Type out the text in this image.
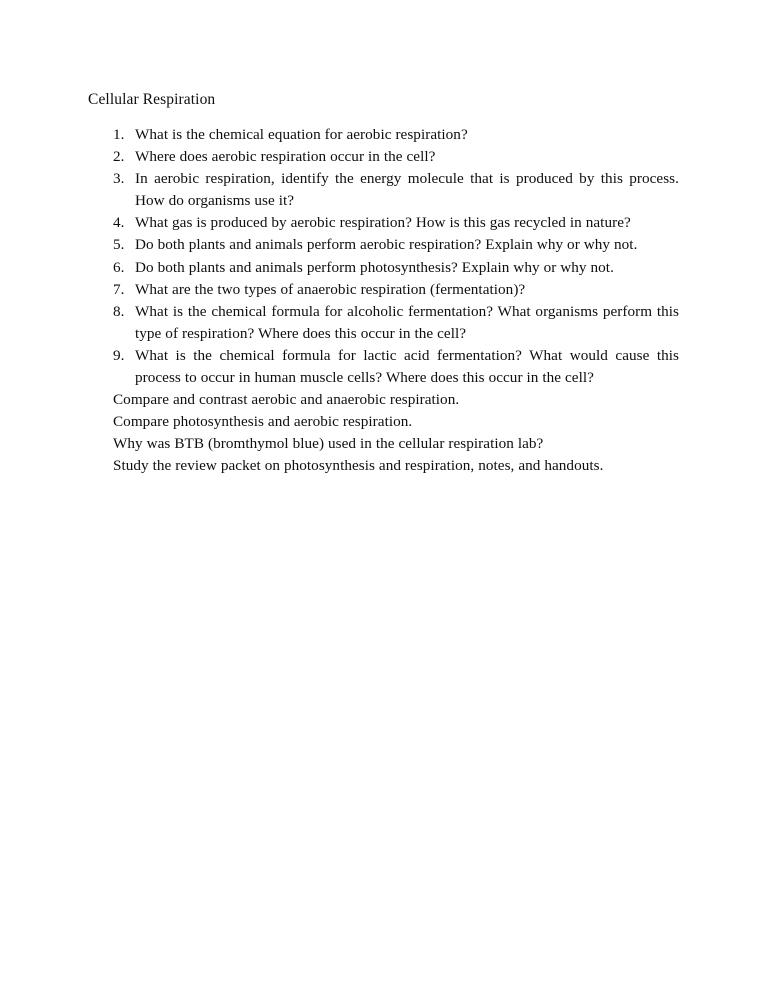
Cellular Respiration
1. What is the chemical equation for aerobic respiration?
2. Where does aerobic respiration occur in the cell?
3. In aerobic respiration, identify the energy molecule that is produced by this process. How do organisms use it?
4. What gas is produced by aerobic respiration? How is this gas recycled in nature?
5. Do both plants and animals perform aerobic respiration? Explain why or why not.
6. Do both plants and animals perform photosynthesis? Explain why or why not.
7. What are the two types of anaerobic respiration (fermentation)?
8. What is the chemical formula for alcoholic fermentation? What organisms perform this type of respiration? Where does this occur in the cell?
9. What is the chemical formula for lactic acid fermentation? What would cause this process to occur in human muscle cells? Where does this occur in the cell?
Compare and contrast aerobic and anaerobic respiration.
Compare photosynthesis and aerobic respiration.
Why was BTB (bromthymol blue) used in the cellular respiration lab?
Study the review packet on photosynthesis and respiration, notes, and handouts.
